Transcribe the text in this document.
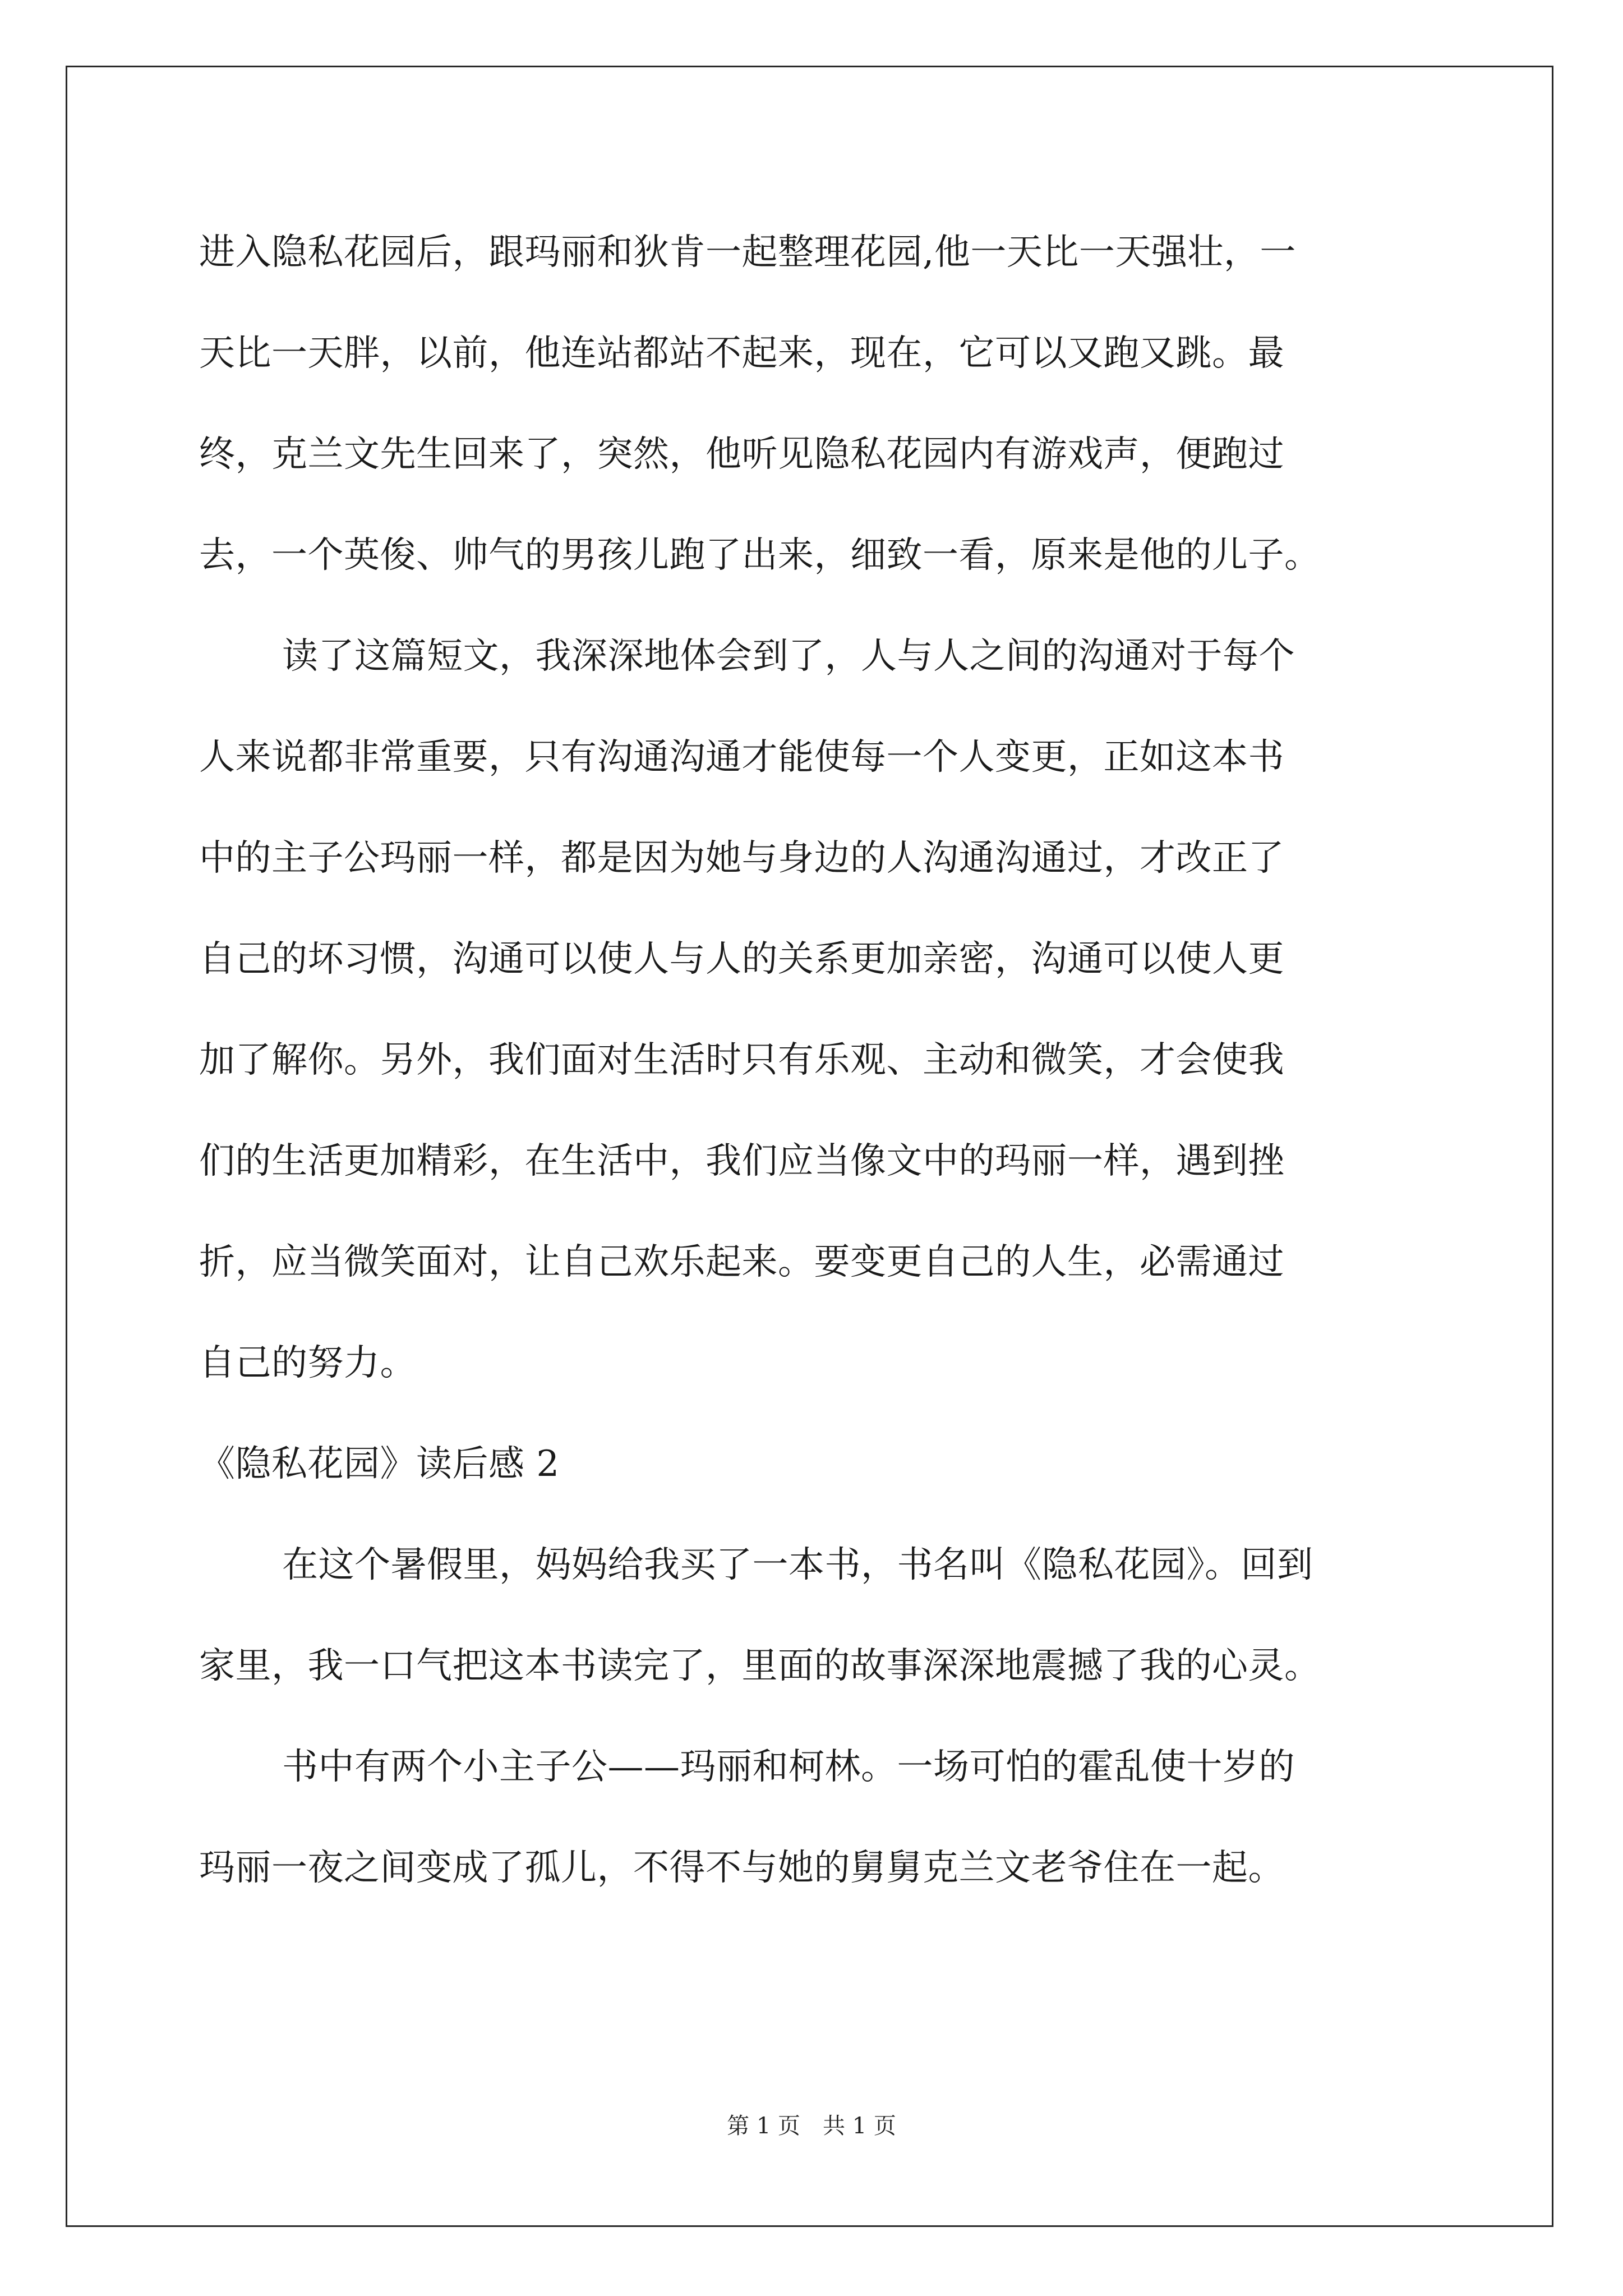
进入隐私花园后，跟玛丽和狄肯一起整理花园,他一天比一天强壮，一
天比一天胖，以前，他连站都站不起来，现在，它可以又跑又跳。最
终，克兰文先生回来了，突然，他听见隐私花园内有游戏声，便跑过
去，一个英俊、帅气的男孩儿跑了出来，细致一看，原来是他的儿子。
读了这篇短文，我深深地体会到了，人与人之间的沟通对于每个
人来说都非常重要，只有沟通沟通才能使每一个人变更，正如这本书
中的主子公玛丽一样，都是因为她与身边的人沟通沟通过，才改正了
自己的坏习惯，沟通可以使人与人的关系更加亲密，沟通可以使人更
加了解你。另外，我们面对生活时只有乐观、主动和微笑，才会使我
们的生活更加精彩，在生活中，我们应当像文中的玛丽一样，遇到挫
折，应当微笑面对，让自己欢乐起来。要变更自己的人生，必需通过
自己的努力。
《隐私花园》读后感 2
在这个暑假里，妈妈给我买了一本书，书名叫《隐私花园》。回到
家里，我一口气把这本书读完了，里面的故事深深地震撼了我的心灵。
书中有两个小主子公——玛丽和柯林。一场可怕的霍乱使十岁的
玛丽一夜之间变成了孤儿，不得不与她的舅舅克兰文老爷住在一起。
第 1 页　共 1 页
